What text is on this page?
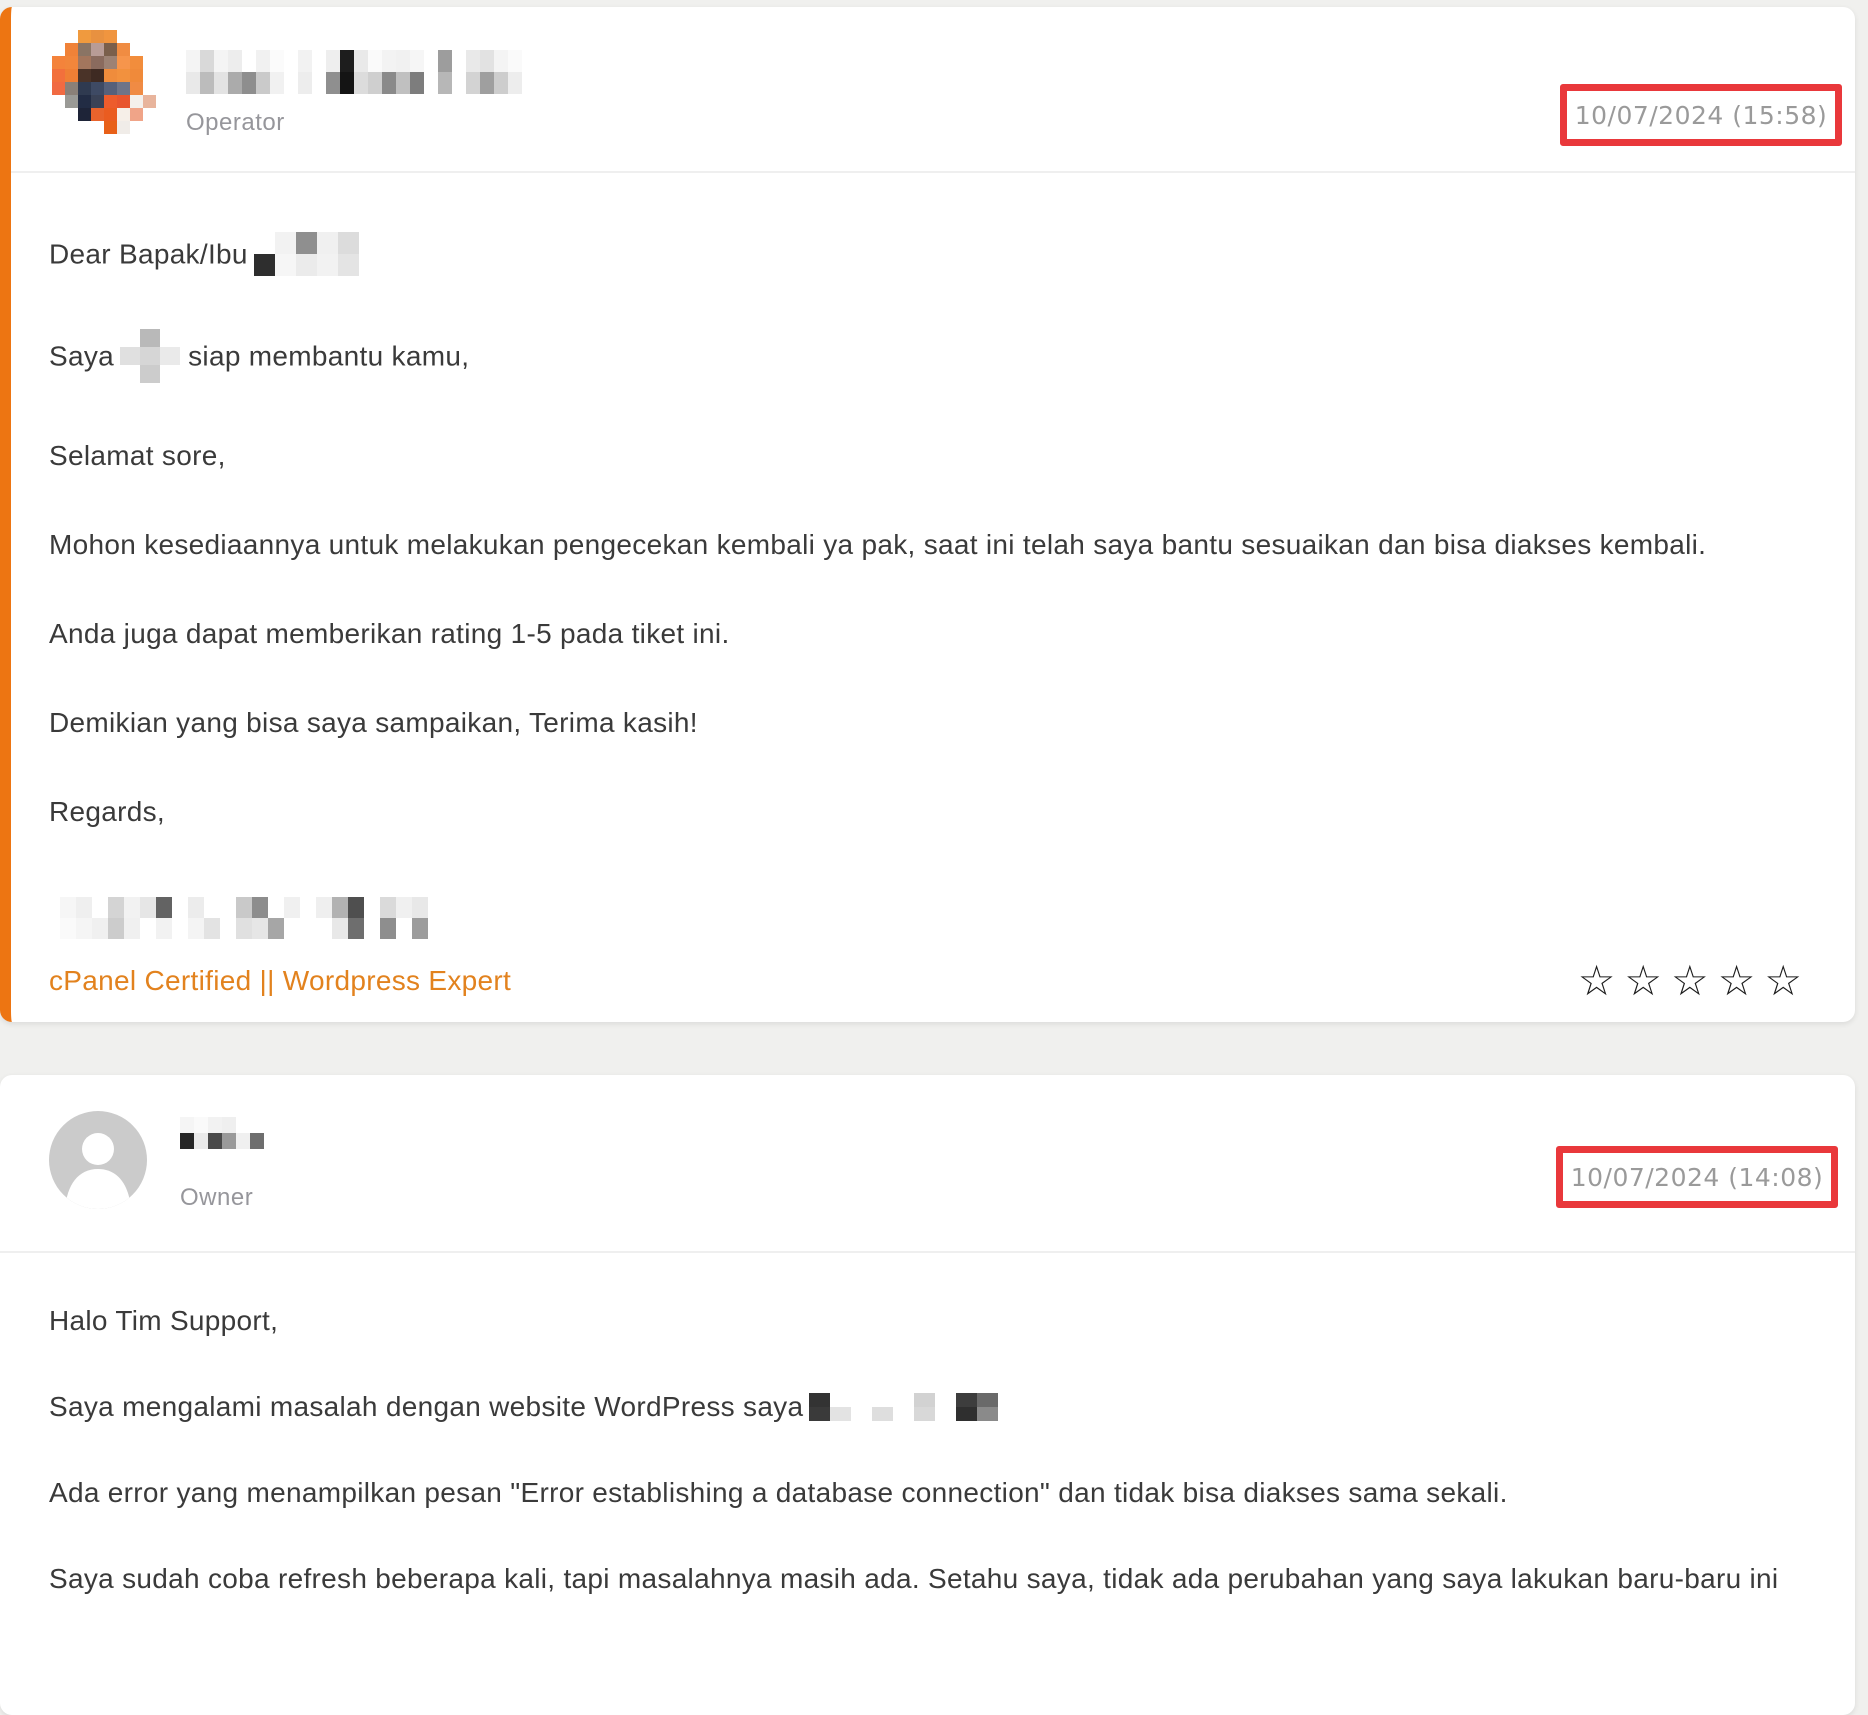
Operator	10/07/2024 (15:58)

Dear Bapak/Ibu

Saya	siap membantu kamu,

Selamat sore,

Mohon kesediaannya untuk melakukan pengecekan kembali ya pak, saat ini telah saya bantu sesuaikan dan bisa diakses kembali.

Anda juga dapat memberikan rating 1-5 pada tiket ini.

Demikian yang bisa saya sampaikan, Terima kasih!

Regards,

cPanel Certified || Wordpress Expert	☆☆☆☆☆
Owner
10/07/2024 (14:08)

Halo Tim Support,

Saya mengalami masalah dengan website WordPress saya

Ada error yang menampilkan pesan "Error establishing a database connection" dan tidak bisa diakses sama sekali.

Saya sudah coba refresh beberapa kali, tapi masalahnya masih ada. Setahu saya, tidak ada perubahan yang saya lakukan baru-baru ini
